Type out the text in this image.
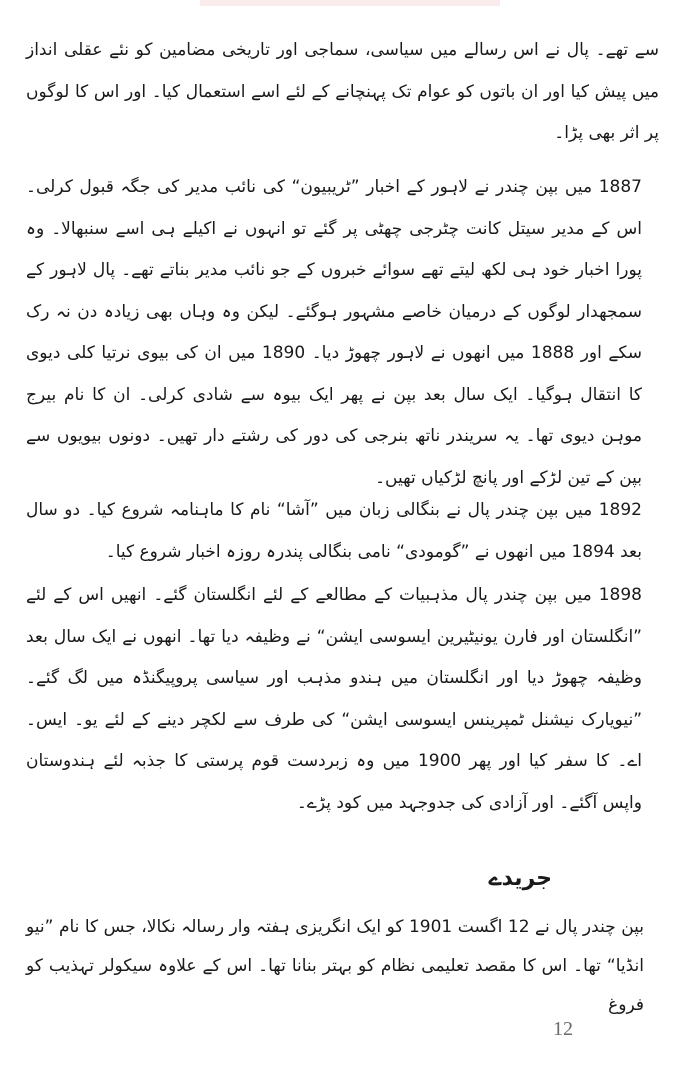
سے تھے۔ پال نے اس رسالے میں سیاسی، سماجی اور تاریخی مضامین کو نئے عقلی انداز میں پیش کیا اور ان باتوں کو عوام تک پہنچانے کے لئے اسے استعمال کیا۔ اور اس کا لوگوں پر اثر بھی پڑا۔

1887 میں بپن چندر نے لاہور کے اخبار ”ٹریبیون“ کی نائب مدیر کی جگہ قبول کرلی۔ اس کے مدیر سیتل کانت چٹرجی چھٹی پر گئے تو انہوں نے اکیلے ہی اسے سنبھالا۔ وہ پورا اخبار خود ہی لکھ لیتے تھے سوائے خبروں کے جو نائب مدیر بناتے تھے۔ پال لاہور کے سمجھدار لوگوں کے درمیان خاصے مشہور ہوگئے۔ لیکن وہ وہاں بھی زیادہ دن نہ رک سکے اور 1888 میں انھوں نے لاہور چھوڑ دیا۔ 1890 میں ان کی بیوی نرتیا کلی دیوی کا انتقال ہوگیا۔ ایک سال بعد بپن نے پھر ایک بیوہ سے شادی کرلی۔ ان کا نام بیرج موہن دیوی تھا۔ یہ سریندر ناتھ بنرجی کی دور کی رشتے دار تھیں۔ دونوں بیویوں سے بپن کے تین لڑکے اور پانچ لڑکیاں تھیں۔

1892 میں بپن چندر پال نے بنگالی زبان میں ”آشا“ نام کا ماہنامہ شروع کیا۔ دو سال بعد 1894 میں انھوں نے ”گومودی“ نامی بنگالی پندرہ روزہ اخبار شروع کیا۔

1898 میں بپن چندر پال مذہبیات کے مطالعے کے لئے انگلستان گئے۔ انھیں اس کے لئے ”انگلستان اور فارن یونیٹیرین ایسوسی ایشن“ نے وظیفہ دیا تھا۔ انھوں نے ایک سال بعد وظیفہ چھوڑ دیا اور انگلستان میں ہندو مذہب اور سیاسی پروپیگنڈہ میں لگ گئے۔ ”نیویارک نیشنل ٹمپرینس ایسوسی ایشن“ کی طرف سے لکچر دینے کے لئے یو۔ ایس۔ اے۔ کا سفر کیا اور پھر 1900 میں وہ زبردست قوم پرستی کا جذبہ لئے ہندوستان واپس آگئے۔ اور آزادی کی جدوجہد میں کود پڑے۔

جریدے

بپن چندر پال نے 12 اگست 1901 کو ایک انگریزی ہفتہ وار رسالہ نکالا، جس کا نام ”نیو انڈیا“ تھا۔ اس کا مقصد تعلیمی نظام کو بہتر بنانا تھا۔ اس کے علاوہ سیکولر تہذیب کو فروغ

12
